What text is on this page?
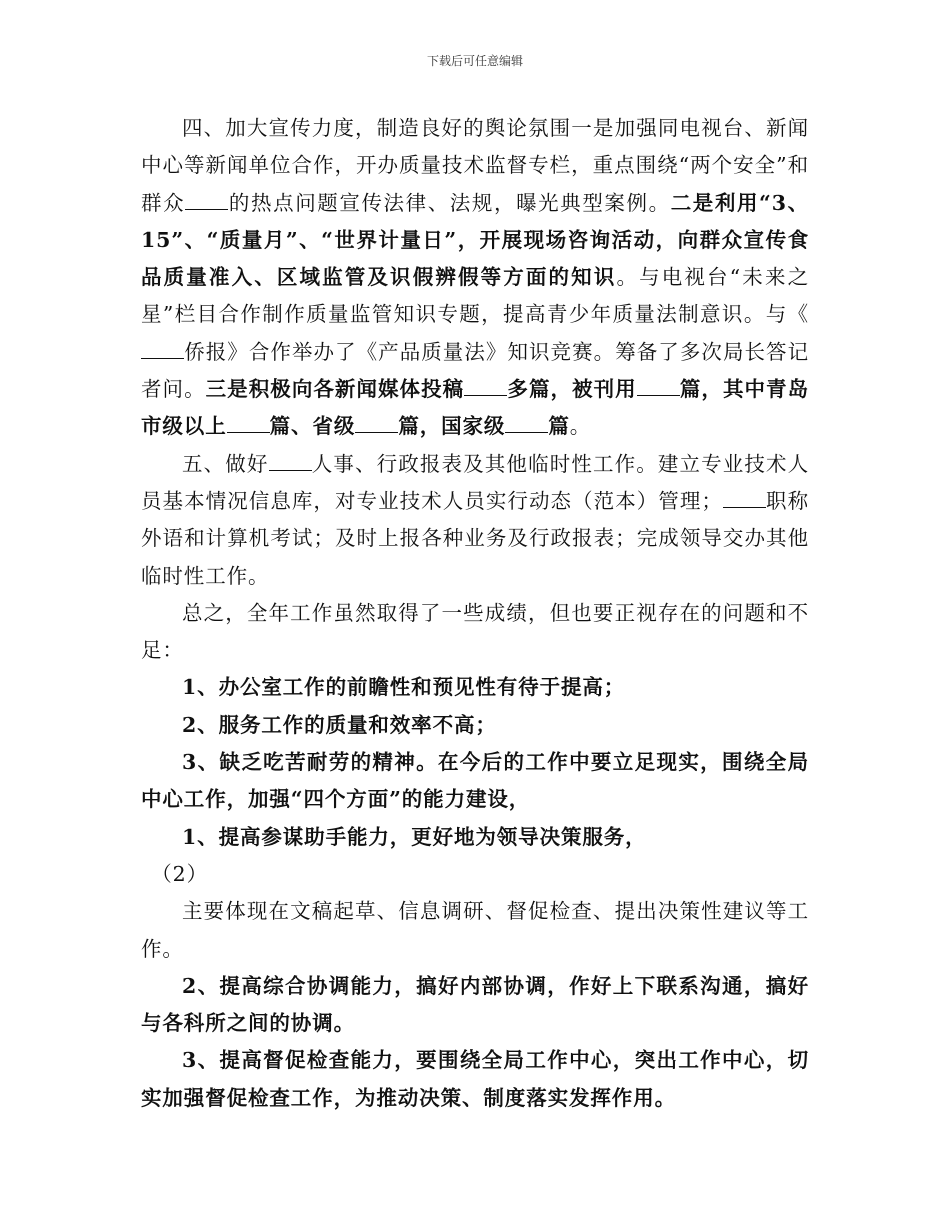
下载后可任意编辑

四、加大宣传力度，制造良好的舆论氛围一是加强同电视台、新闻中心等新闻单位合作，开办质量技术监督专栏，重点围绕“两个安全”和群众 的热点问题宣传法律、法规，曝光典型案例。二是利用“3、15”、“质量月”、“世界计量日”，开展现场咨询活动，向群众宣传食品质量准入、区域监管及识假辨假等方面的知识。与电视台“未来之星”栏目合作制作质量监管知识专题，提高青少年质量法制意识。与《侨报》合作举办了《产品质量法》知识竞赛。筹备了多次局长答记者问。三是积极向各新闻媒体投稿 多篇，被刊用 篇，其中青岛市级以上 篇、省级 篇，国家级 篇。

五、做好 人事、行政报表及其他临时性工作。建立专业技术人员基本情况信息库，对专业技术人员实行动态（范本）管理； 职称外语和计算机考试；及时上报各种业务及行政报表；完成领导交办其他临时性工作。

总之，全年工作虽然取得了一些成绩，但也要正视存在的问题和不足：

1、办公室工作的前瞻性和预见性有待于提高；

2、服务工作的质量和效率不高；

3、缺乏吃苦耐劳的精神。在今后的工作中要立足现实，围绕全局中心工作，加强“四个方面”的能力建设，

1、提高参谋助手能力，更好地为领导决策服务，

（2）

主要体现在文稿起草、信息调研、督促检查、提出决策性建议等工作。

2、提高综合协调能力，搞好内部协调，作好上下联系沟通，搞好与各科所之间的协调。

3、提高督促检查能力，要围绕全局工作中心，突出工作中心，切实加强督促检查工作，为推动决策、制度落实发挥作用。
